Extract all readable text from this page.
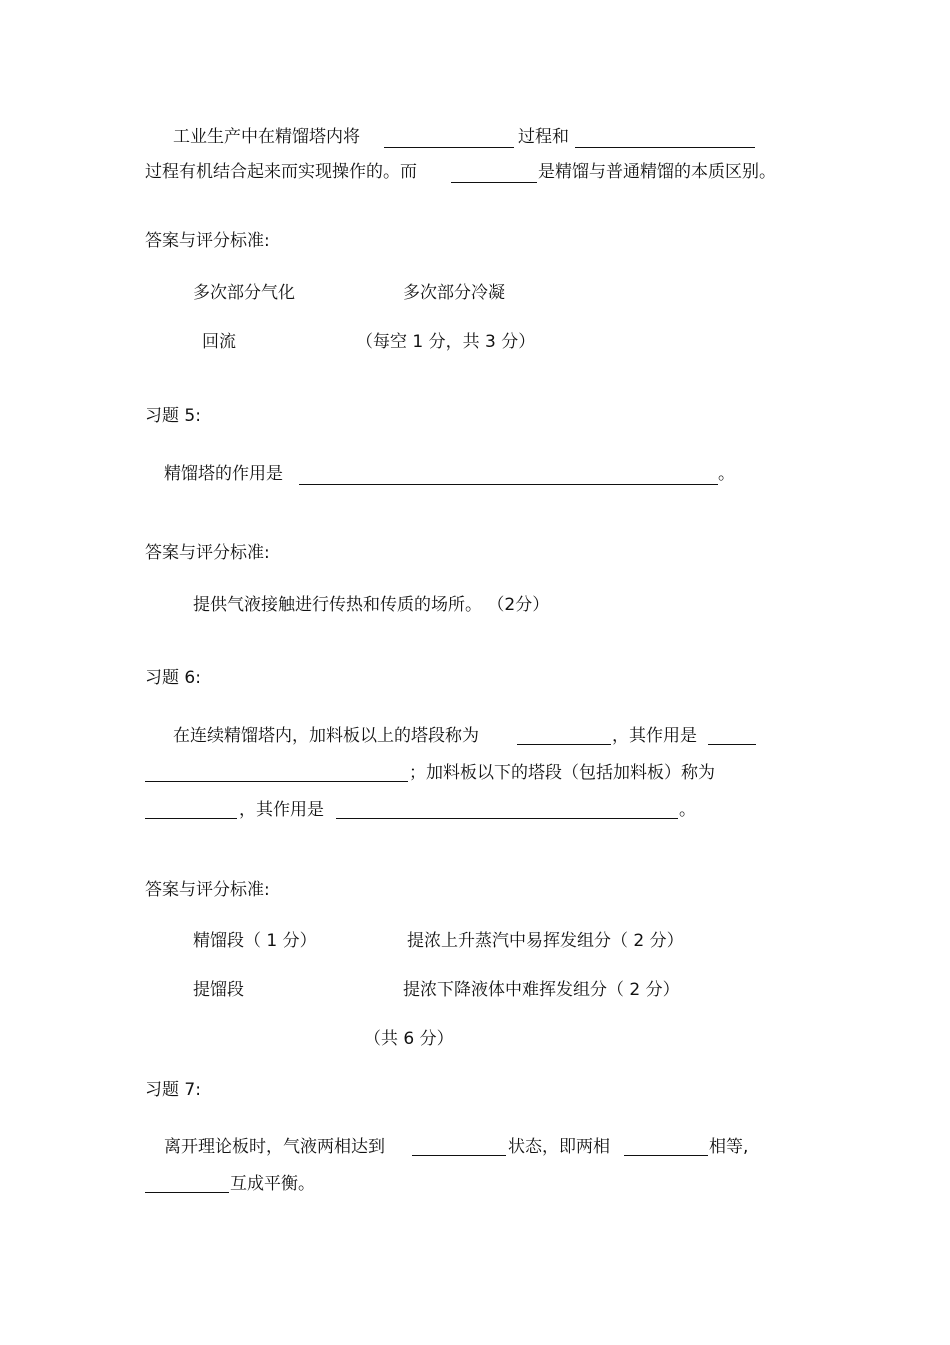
工业生产中在精馏塔内将	过程和
过程有机结合起来而实现操作的。而	是精馏与普通精馏的本质区别。
答案与评分标准:
多次部分气化	多次部分冷凝
回流	（每空 1 分，共 3 分）
习题 5:
精馏塔的作用是	。
答案与评分标准:
提供气液接触进行传热和传质的场所。 （2分）
习题 6:
在连续精馏塔内，加料板以上的塔段称为	，其作用是
；加料板以下的塔段（包括加料板）称为
，其作用是	。
答案与评分标准:
精馏段（ 1 分）	提浓上升蒸汽中易挥发组分（ 2 分）
提馏段	提浓下降液体中难挥发组分（ 2 分）
（共 6 分）
习题 7:
离开理论板时，气液两相达到	状态，即两相	相等,
互成平衡。
